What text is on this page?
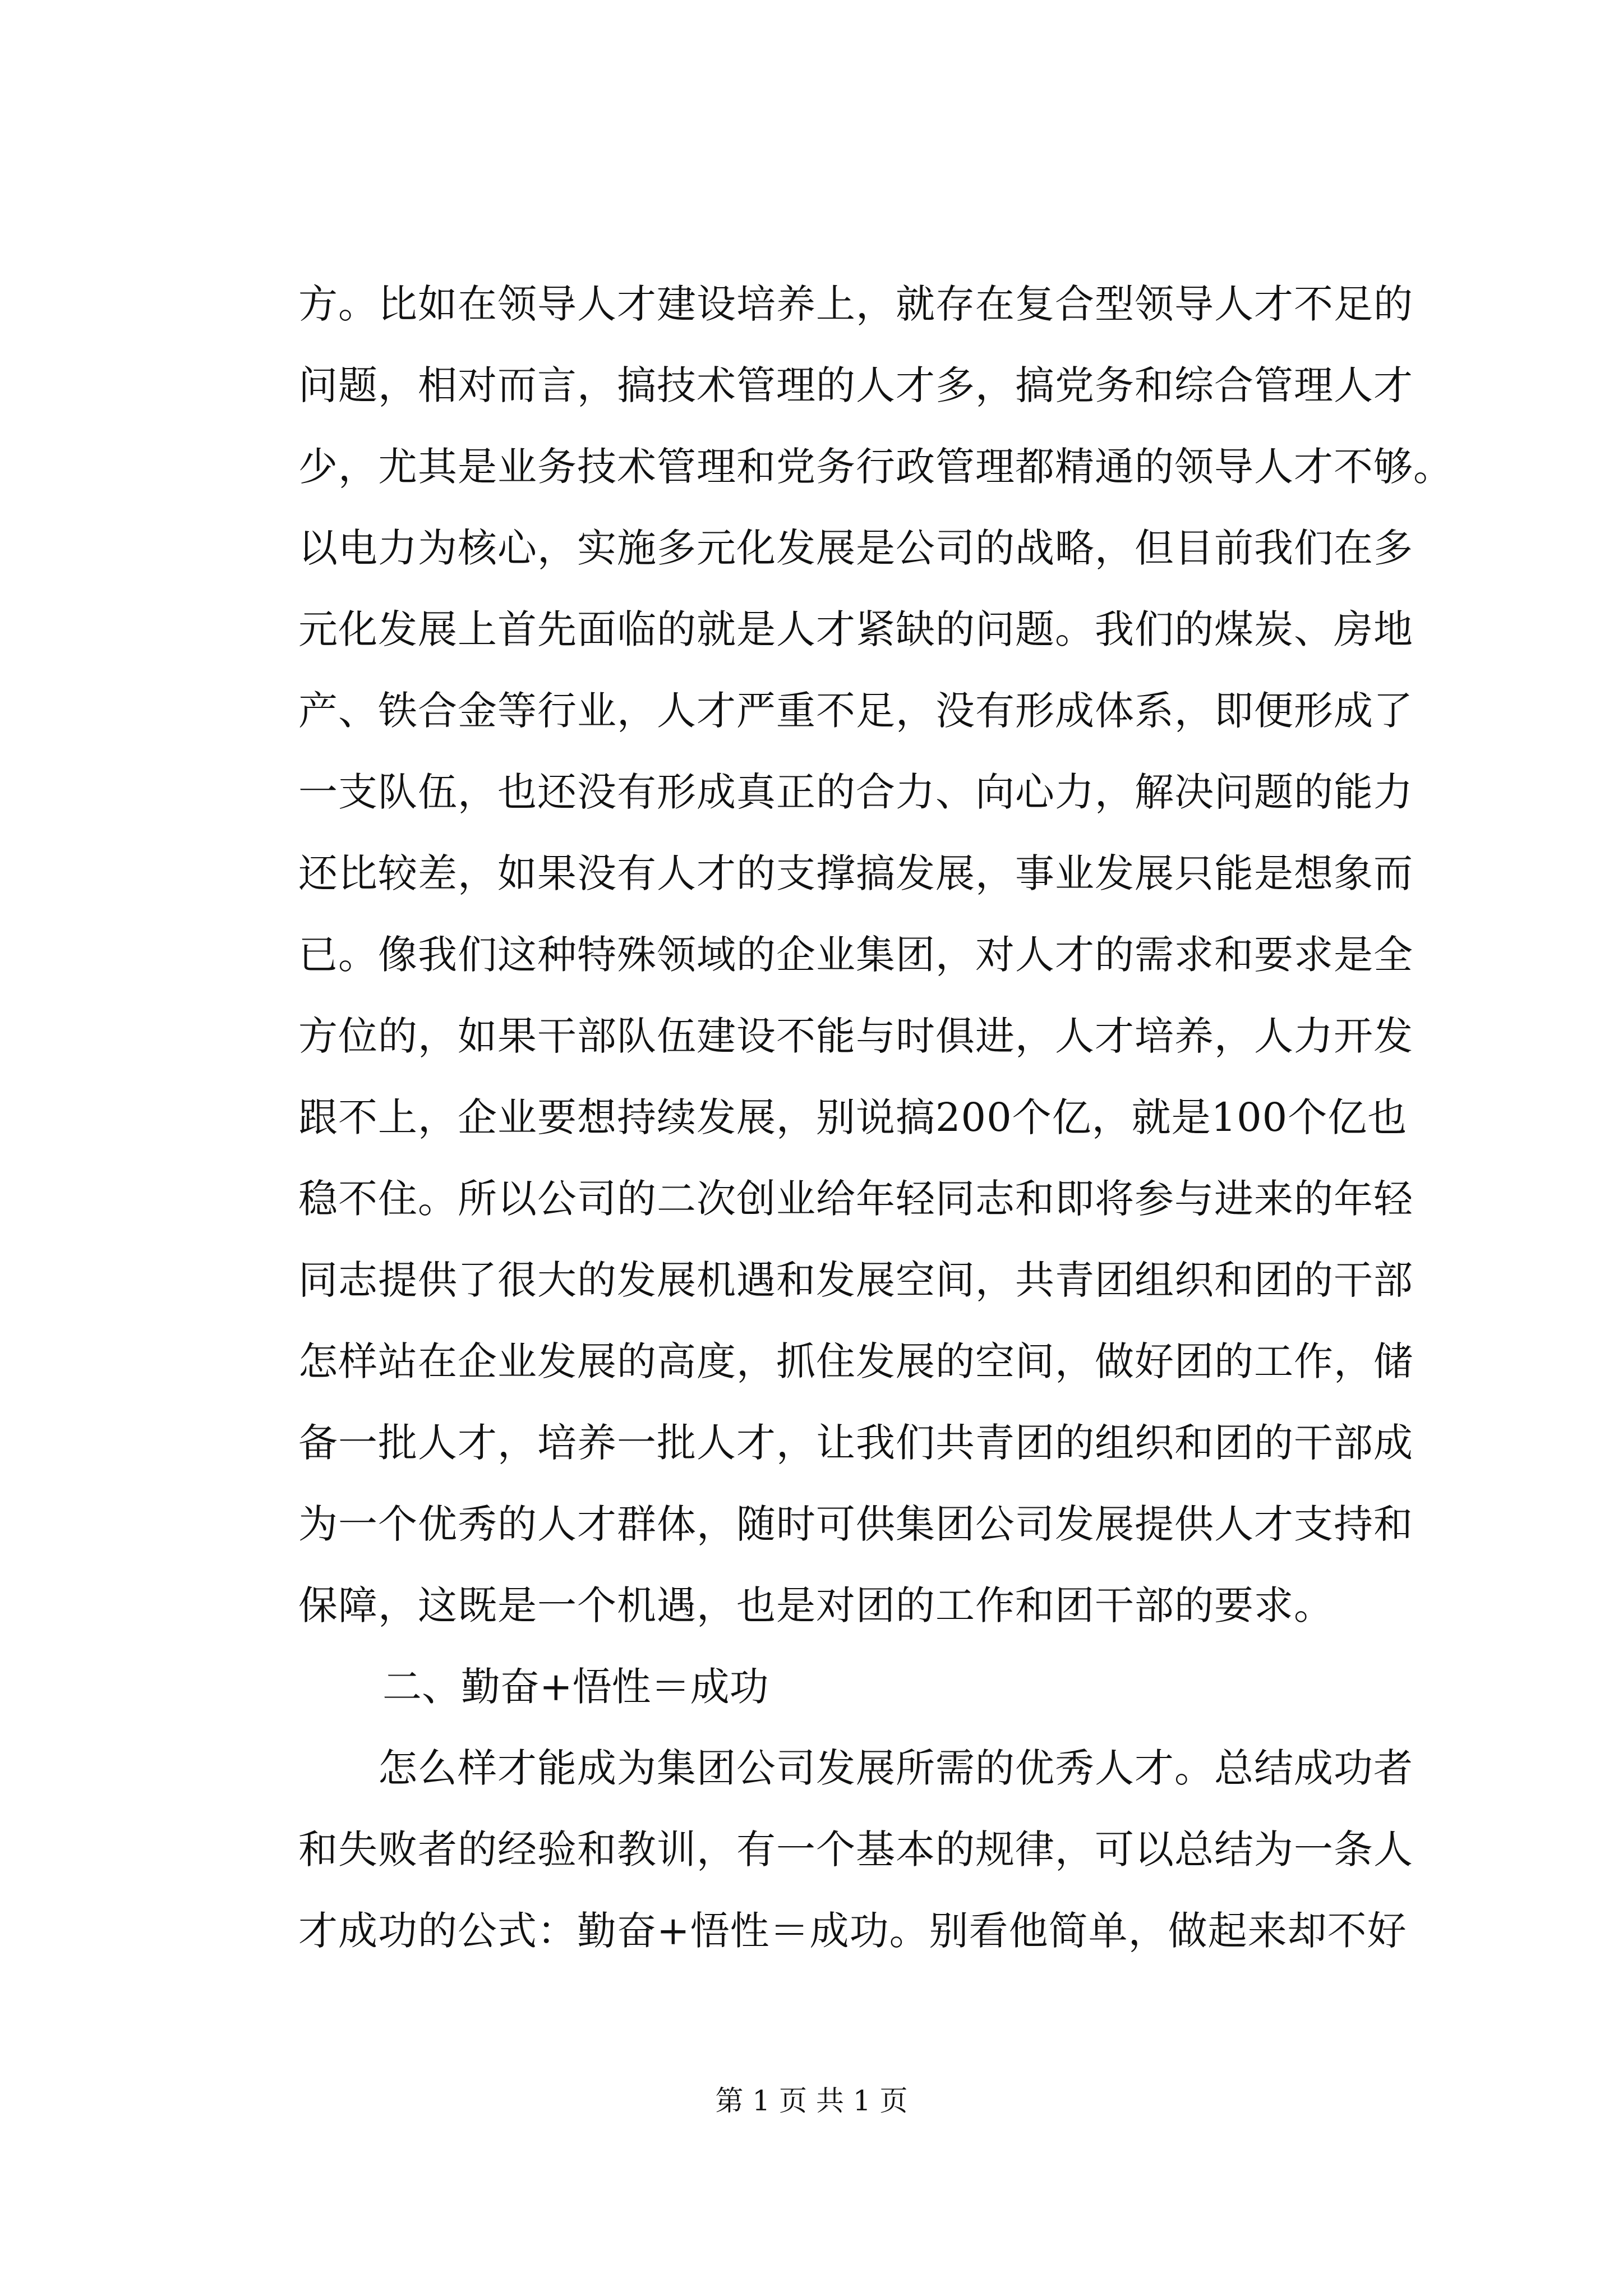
方。比如在领导人才建设培养上，就存在复合型领导人才不足的
问题，相对而言，搞技术管理的人才多，搞党务和综合管理人才
少，尤其是业务技术管理和党务行政管理都精通的领导人才不够。
以电力为核心，实施多元化发展是公司的战略，但目前我们在多
元化发展上首先面临的就是人才紧缺的问题。我们的煤炭、房地
产、铁合金等行业，人才严重不足，没有形成体系，即便形成了
一支队伍，也还没有形成真正的合力、向心力，解决问题的能力
还比较差，如果没有人才的支撑搞发展，事业发展只能是想象而
已。像我们这种特殊领域的企业集团，对人才的需求和要求是全
方位的，如果干部队伍建设不能与时俱进，人才培养，人力开发
跟不上，企业要想持续发展，别说搞200个亿，就是100个亿也
稳不住。所以公司的二次创业给年轻同志和即将参与进来的年轻
同志提供了很大的发展机遇和发展空间，共青团组织和团的干部
怎样站在企业发展的高度，抓住发展的空间，做好团的工作，储
备一批人才，培养一批人才，让我们共青团的组织和团的干部成
为一个优秀的人才群体，随时可供集团公司发展提供人才支持和
保障，这既是一个机遇，也是对团的工作和团干部的要求。
二、勤奋+悟性＝成功
　　怎么样才能成为集团公司发展所需的优秀人才。总结成功者
和失败者的经验和教训，有一个基本的规律，可以总结为一条人
才成功的公式：勤奋+悟性＝成功。别看他简单，做起来却不好
第 1 页 共 1 页
